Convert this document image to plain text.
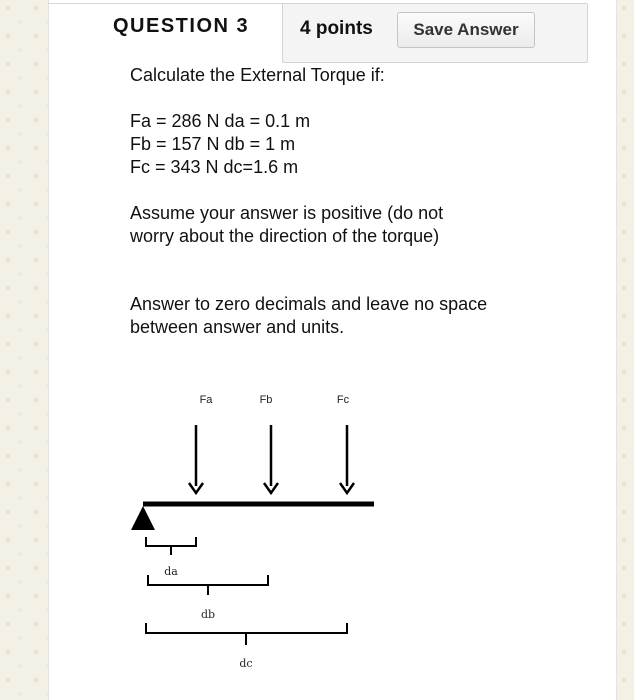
QUESTION 3	4 points	Save Answer

Calculate the External Torque if:

Fa = 286 N da = 0.1 m

Fb = 157 N db = 1 m

Fc = 343 N dc=1.6 m

Assume your answer is positive (do not worry about the direction of the torque)

Answer to zero decimals and leave no space between answer and units.

Fa	Fb	Fc
da
db
dc
